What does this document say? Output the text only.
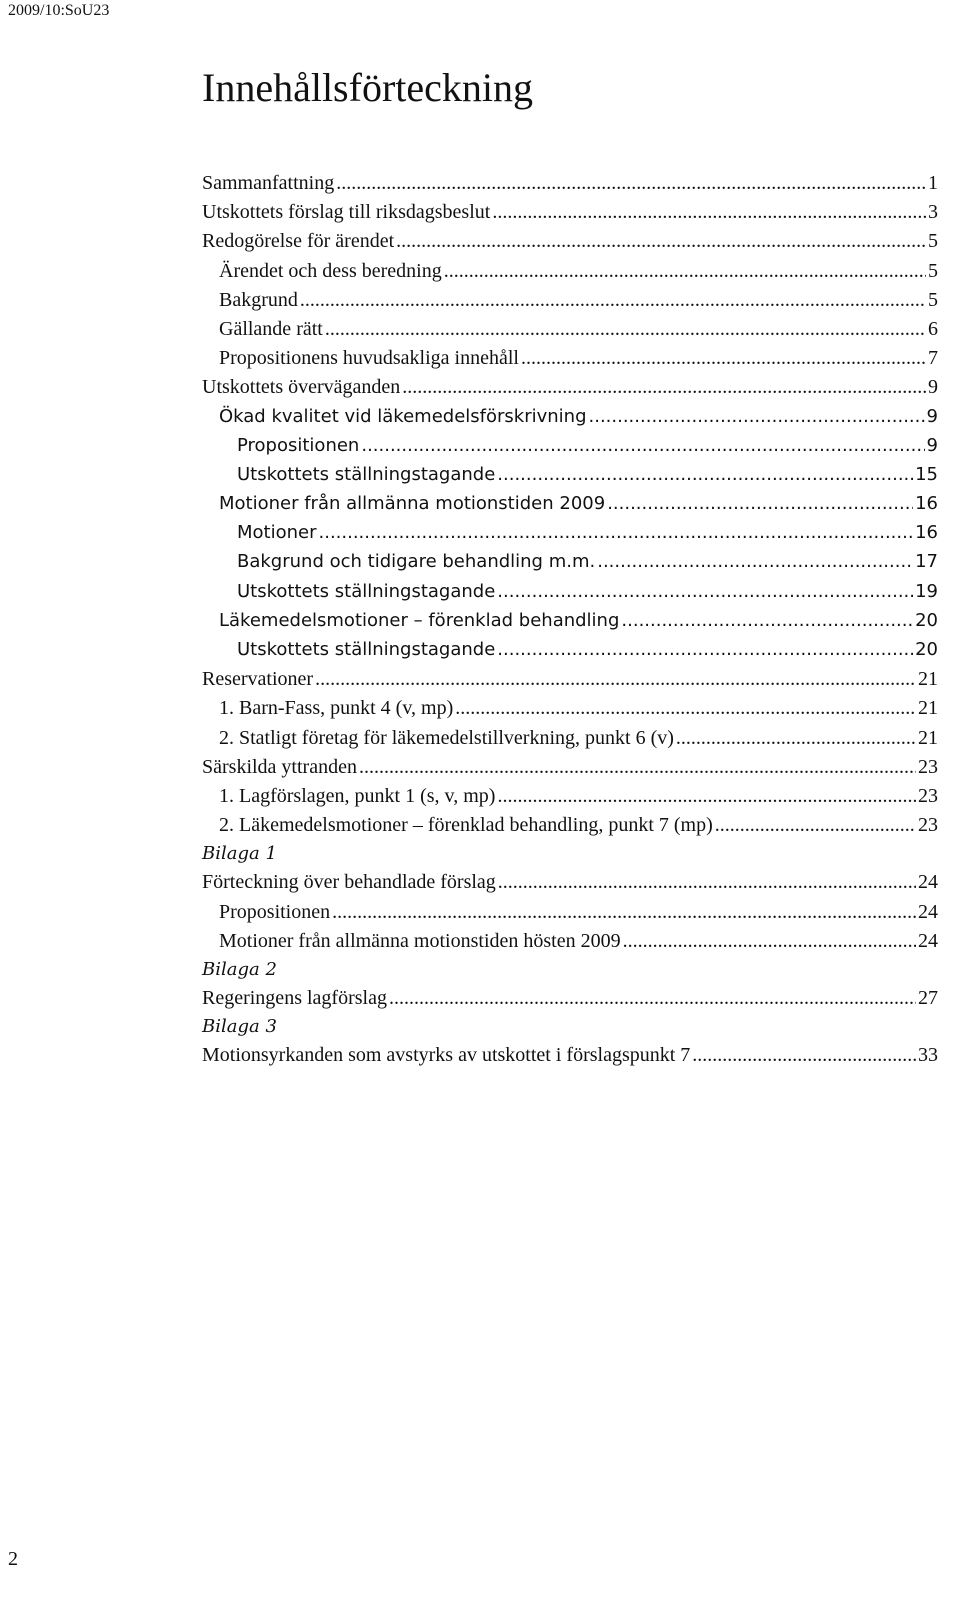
2009/10:SoU23
Innehållsförteckning
Sammanfattning .....	1
Utskottets förslag till riksdagsbeslut .....	3
Redogörelse för ärendet .....	5
Ärendet och dess beredning .....	5
Bakgrund .....	5
Gällande rätt .....	6
Propositionens huvudsakliga innehåll .....	7
Utskottets överväganden .....	9
Ökad kvalitet vid läkemedelsförskrivning .....	9
Propositionen .....	9
Utskottets ställningstagande .....	15
Motioner från allmänna motionstiden 2009 .....	16
Motioner .....	16
Bakgrund och tidigare behandling m.m. .....	17
Utskottets ställningstagande .....	19
Läkemedelsmotioner – förenklad behandling .....	20
Utskottets ställningstagande .....	20
Reservationer .....	21
1. Barn-Fass, punkt 4 (v, mp) .....	21
2. Statligt företag för läkemedelstillverkning, punkt 6 (v) .....	21
Särskilda yttranden .....	23
1. Lagförslagen, punkt 1 (s, v, mp) .....	23
2. Läkemedelsmotioner – förenklad behandling, punkt 7 (mp) .....	23
Bilaga 1
Förteckning över behandlade förslag .....	24
Propositionen .....	24
Motioner från allmänna motionstiden hösten 2009 .....	24
Bilaga 2
Regeringens lagförslag .....	27
Bilaga 3
Motionsyrkanden som avstyrks av utskottet i förslagspunkt 7 .....	33
2
